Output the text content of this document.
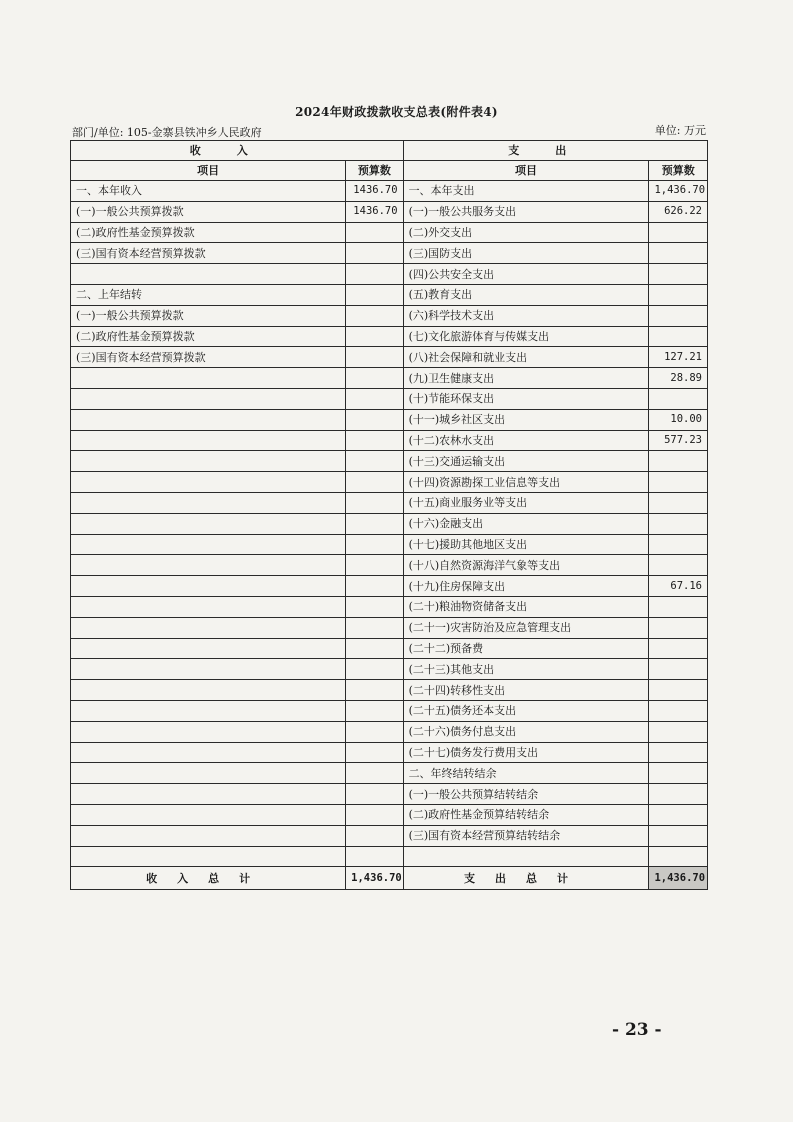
2024年财政拨款收支总表(附件表4)
部门/单位: 105-金寨县铁冲乡人民政府	单位: 万元
收入		支出	
项目	预算数	项目	预算数
一、本年收入	1436.70	一、本年支出	1,436.70
(一)一般公共预算拨款	1436.70	(一)一般公共服务支出	626.22
(二)政府性基金预算拨款		(二)外交支出	
(三)国有资本经营预算拨款		(三)国防支出	
		(四)公共安全支出	
二、上年结转		(五)教育支出	
(一)一般公共预算拨款		(六)科学技术支出	
(二)政府性基金预算拨款		(七)文化旅游体育与传媒支出	
(三)国有资本经营预算拨款		(八)社会保障和就业支出	127.21
		(九)卫生健康支出	28.89
		(十)节能环保支出	
		(十一)城乡社区支出	10.00
		(十二)农林水支出	577.23
		(十三)交通运输支出	
		(十四)资源勘探工业信息等支出	
		(十五)商业服务业等支出	
		(十六)金融支出	
		(十七)援助其他地区支出	
		(十八)自然资源海洋气象等支出	
		(十九)住房保障支出	67.16
		(二十)粮油物资储备支出	
		(二十一)灾害防治及应急管理支出	
		(二十二)预备费	
		(二十三)其他支出	
		(二十四)转移性支出	
		(二十五)债务还本支出	
		(二十六)债务付息支出	
		(二十七)债务发行费用支出	
		二、年终结转结余	
		(一)一般公共预算结转结余	
		(二)政府性基金预算结转结余	
		(三)国有资本经营预算结转结余	

收入总计	1,436.70	支出总计	1,436.70
- 23 -
